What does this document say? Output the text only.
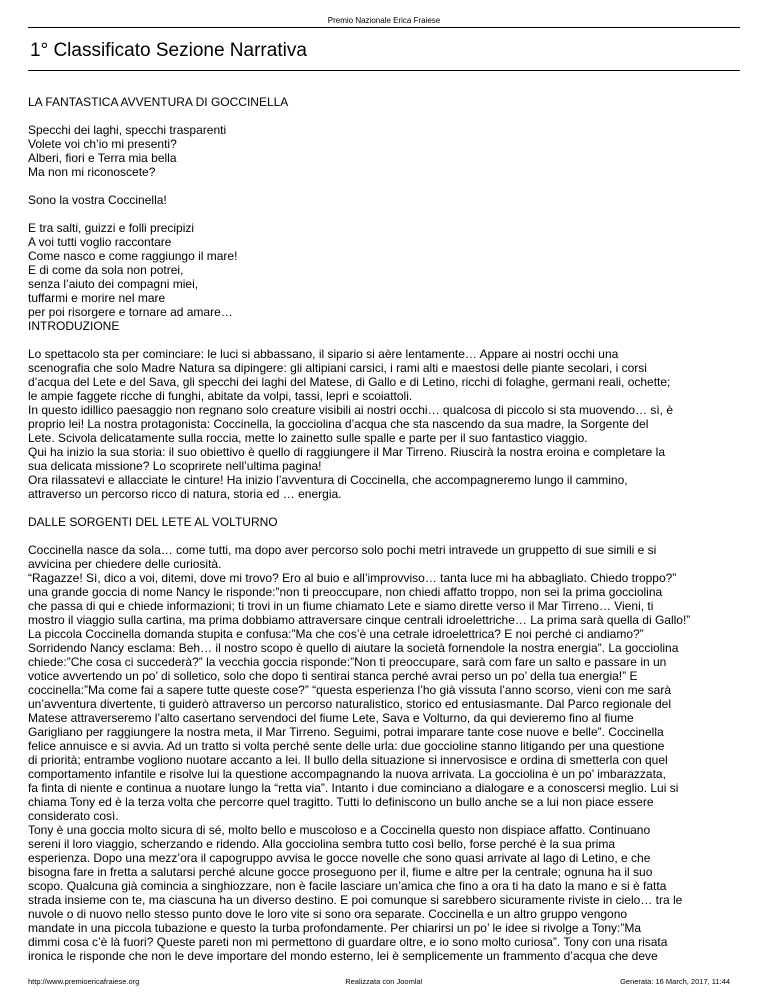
Premio Nazionale Erica Fraiese
1° Classificato Sezione Narrativa

LA FANTASTICA AVVENTURA DI GOCCINELLA

Specchi dei laghi, specchi trasparenti
Volete voi ch’io mi presenti?
Alberi, fiori e Terra mia bella
Ma non mi riconoscete?

Sono la vostra Coccinella!

E tra salti, guizzi e folli precipizi
A voi tutti voglio raccontare
Come nasco e come raggiungo il mare!
E di come da sola non potrei,
senza l’aiuto dei compagni miei,
tuffarmi e morire nel mare
per poi risorgere e tornare ad amare…
INTRODUZIONE

Lo spettacolo sta per cominciare: le luci si abbassano, il sipario si aère lentamente… Appare ai nostri occhi una
scenografia che solo Madre Natura sa dipingere: gli altipiani carsici, i rami alti e maestosi delle piante secolari, i corsi
d’acqua del Lete e del Sava, gli specchi dei laghi del Matese, di Gallo e di Letino, ricchi di folaghe, germani reali, ochette;
le ampie faggete ricche di funghi, abitate da volpi, tassi, lepri e scoiattoli.
In questo idillico paesaggio non regnano solo creature visibili ai nostri occhi… qualcosa di piccolo si sta muovendo… sì, è
proprio lei! La nostra protagonista: Coccinella, la gocciolina d’acqua che sta nascendo da sua madre, la Sorgente del
Lete. Scivola delicatamente sulla roccia, mette lo zainetto sulle spalle e parte per il suo fantastico viaggio.
Qui ha inizio la sua storia: il suo obiettivo è quello di raggiungere il Mar Tirreno. Riuscirà la nostra eroina e completare la
sua delicata missione? Lo scoprirete nell’ultima pagina!
Ora rilassatevi e allacciate le cinture! Ha inizio l’avventura di Coccinella, che accompagneremo lungo il cammino,
attraverso un percorso ricco di natura, storia ed … energia.

DALLE SORGENTI DEL LETE AL VOLTURNO

Coccinella nasce da sola… come tutti, ma dopo aver percorso solo pochi metri intravede un gruppetto di sue simili e si
avvicina per chiedere delle curiosità.
“Ragazze! Sì, dico a voi, ditemi, dove mi trovo? Ero al buio e all’improvviso… tanta luce mi ha abbagliato. Chiedo troppo?”
una grande goccia di nome Nancy le risponde:”non ti preoccupare, non chiedi affatto troppo, non sei la prima gocciolina
che passa di qui e chiede informazioni; ti trovi in un fiume chiamato Lete e siamo dirette verso il Mar Tirreno… Vieni, ti
mostro il viaggio sulla cartina, ma prima dobbiamo attraversare cinque centrali idroelettriche… La prima sarà quella di Gallo!”
La piccola Coccinella domanda stupita e confusa:”Ma che cos’è una cetrale idroelettrica? E noi perché ci andiamo?”
Sorridendo Nancy esclama: Beh… il nostro scopo è quello di aiutare la società fornendole la nostra energia”. La gocciolina
chiede:”Che cosa ci succederà?” la vecchia goccia risponde:”Non ti preoccupare, sarà com fare un salto e passare in un
votice avvertendo un po’ di solletico, solo che dopo ti sentirai stanca perché avrai perso un po’ della tua energia!” E
coccinella:”Ma come fai a sapere tutte queste cose?” “questa esperienza l’ho già vissuta l’anno scorso, vieni con me sarà
un’avventura divertente, ti guiderò attraverso un percorso naturalistico, storico ed entusiasmante. Dal Parco regionale del
Matese attraverseremo l’alto casertano servendoci del fiume Lete, Sava e Volturno, da qui devieremo fino al fiume
Garigliano per raggiungere la nostra meta, il Mar Tirreno. Seguimi, potrai imparare tante cose nuove e belle”. Coccinella
felice annuisce e si avvia. Ad un tratto si volta perché sente delle urla: due goccioline stanno litigando per una questione
di priorità; entrambe vogliono nuotare accanto a lei. Il bullo della situazione si innervosisce e ordina di smetterla con quel
comportamento infantile e risolve lui la questione accompagnando la nuova arrivata. La gocciolina è un po’ imbarazzata,
fa finta di niente e continua a nuotare lungo la “retta via”. Intanto i due cominciano a dialogare e a conoscersi meglio. Lui si
chiama Tony ed è la terza volta che percorre quel tragitto. Tutti lo definiscono un bullo anche se a lui non piace essere
considerato così.
Tony è una goccia molto sicura di sé, molto bello e muscoloso e a Coccinella questo non dispiace affatto. Continuano
sereni il loro viaggio, scherzando e ridendo. Alla gocciolina sembra tutto così bello, forse perché è la sua prima
esperienza. Dopo una mezz’ora il capogruppo avvisa le gocce novelle che sono quasi arrivate al lago di Letino, e che
bisogna fare in fretta a salutarsi perché alcune gocce proseguono per il, fiume e altre per la centrale; ognuna ha il suo
scopo. Qualcuna già comincia a singhiozzare, non è facile lasciare un’amica che fino a ora ti ha dato la mano e si è fatta
strada insieme con te, ma ciascuna ha un diverso destino. E poi comunque si sarebbero sicuramente riviste in cielo… tra le
nuvole o di nuovo nello stesso punto dove le loro vite si sono ora separate. Coccinella e un altro gruppo vengono
mandate in una piccola tubazione e questo la turba profondamente. Per chiarirsi un po’ le idee si rivolge a Tony:”Ma
dimmi cosa c’è là fuori? Queste pareti non mi permettono di guardare oltre, e io sono molto curiosa”. Tony con una risata
ironica le risponde che non le deve importare del mondo esterno, lei è semplicemente un frammento d’acqua che deve

http://www.premioericafraiese.org	Realizzata con Joomla!	Generata: 16 March, 2017, 11:44
